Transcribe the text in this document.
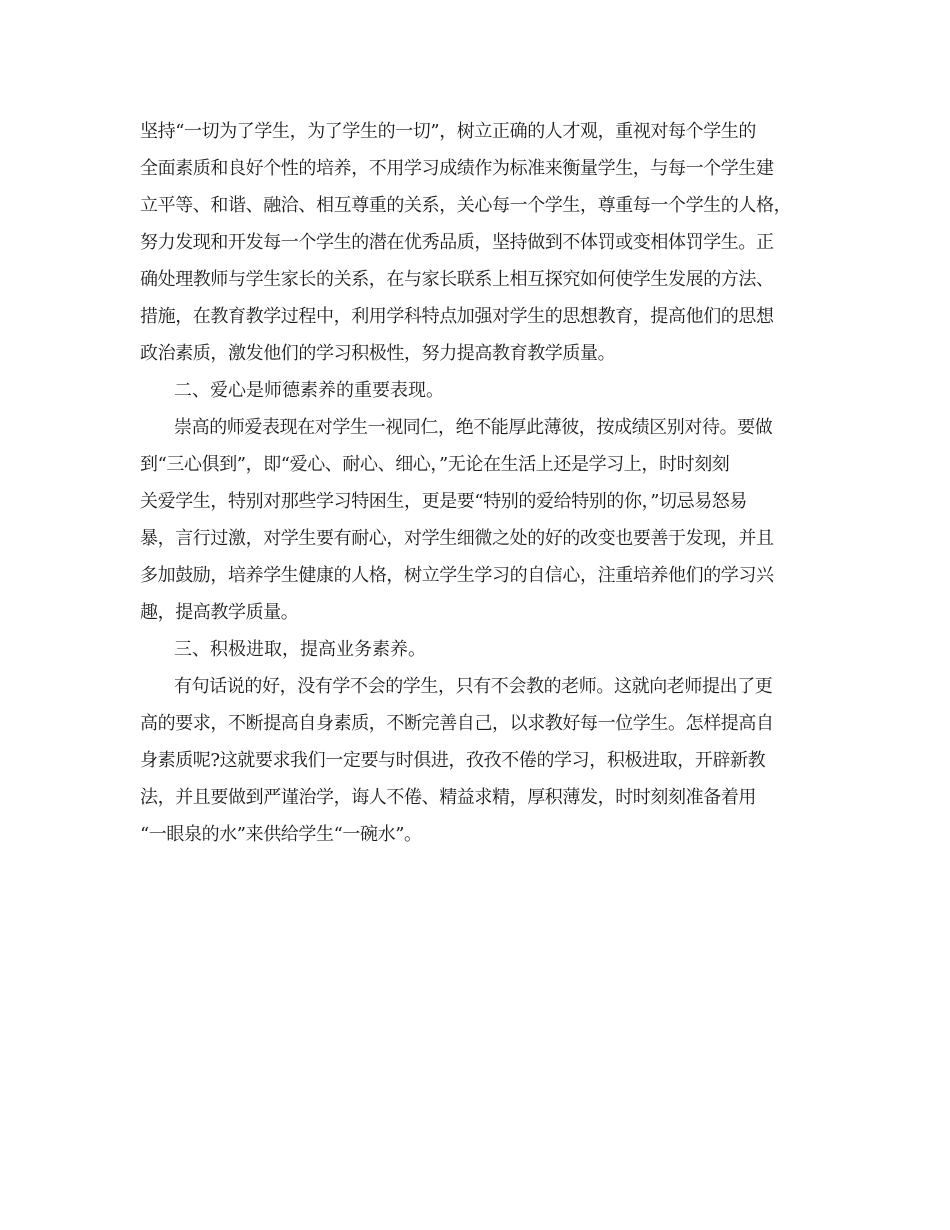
坚持“一切为了学生，为了学生的一切”，树立正确的人才观，重视对每个学生的
全面素质和良好个性的培养，不用学习成绩作为标准来衡量学生，与每一个学生建
立平等、和谐、融洽、相互尊重的关系，关心每一个学生，尊重每一个学生的人格，
努力发现和开发每一个学生的潜在优秀品质，坚持做到不体罚或变相体罚学生。正
确处理教师与学生家长的关系，在与家长联系上相互探究如何使学生发展的方法、
措施，在教育教学过程中，利用学科特点加强对学生的思想教育，提高他们的思想
政治素质，激发他们的学习积极性，努力提高教育教学质量。
二、爱心是师德素养的重要表现。
崇高的师爱表现在对学生一视同仁，绝不能厚此薄彼，按成绩区别对待。要做
到“三心俱到”，即“爱心、耐心、细心，”无论在生活上还是学习上，时时刻刻
关爱学生，特别对那些学习特困生，更是要“特别的爱给特别的你，”切忌易怒易
暴，言行过激，对学生要有耐心，对学生细微之处的好的改变也要善于发现，并且
多加鼓励，培养学生健康的人格，树立学生学习的自信心，注重培养他们的学习兴
趣，提高教学质量。
三、积极进取，提高业务素养。
有句话说的好，没有学不会的学生，只有不会教的老师。这就向老师提出了更
高的要求，不断提高自身素质，不断完善自己，以求教好每一位学生。怎样提高自
身素质呢?这就要求我们一定要与时俱进，孜孜不倦的学习，积极进取，开辟新教
法，并且要做到严谨治学，诲人不倦、精益求精，厚积薄发，时时刻刻准备着用
“一眼泉的水”来供给学生“一碗水”。
